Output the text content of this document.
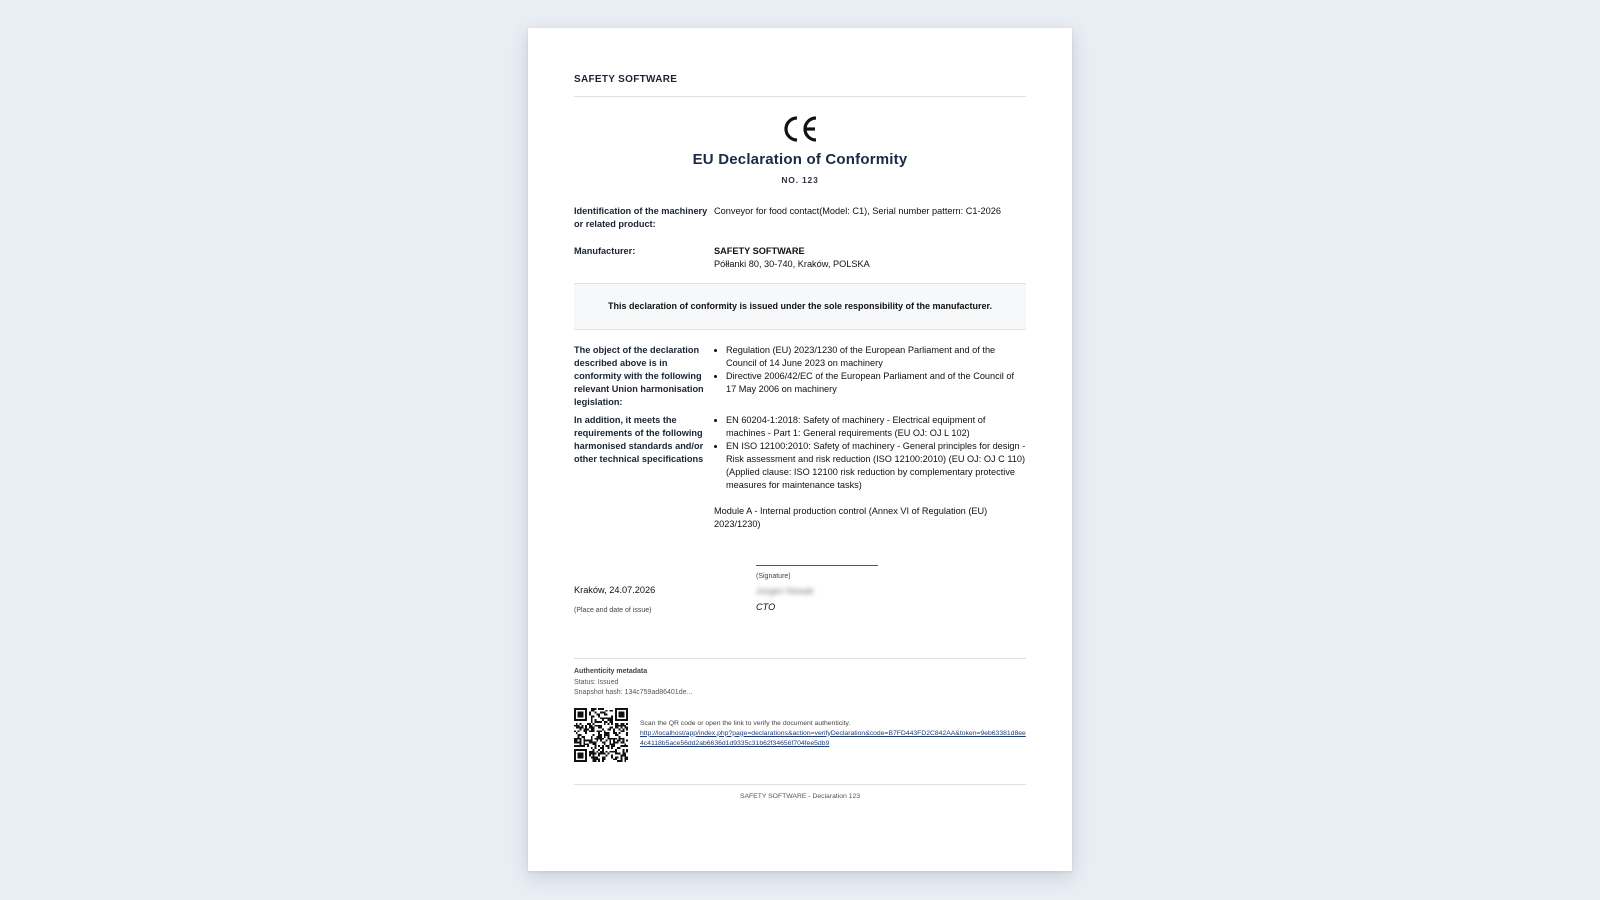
SAFETY SOFTWARE
EU Declaration of Conformity
NO. 123
Identification of the machinery or related product:
Conveyor for food contact(Model: C1), Serial number pattern: C1-2026
Manufacturer:	SAFETY SOFTWARE
Półłanki 80, 30-740, Kraków, POLSKA
This declaration of conformity is issued under the sole responsibility of the manufacturer.
The object of the declaration described above is in conformity with the following relevant Union harmonisation legislation:
• Regulation (EU) 2023/1230 of the European Parliament and of the Council of 14 June 2023 on machinery
• Directive 2006/42/EC of the European Parliament and of the Council of 17 May 2006 on machinery
In addition, it meets the requirements of the following harmonised standards and/or other technical specifications
• EN 60204-1:2018: Safety of machinery - Electrical equipment of machines - Part 1: General requirements (EU OJ: OJ L 102)
• EN ISO 12100:2010: Safety of machinery - General principles for design - Risk assessment and risk reduction (ISO 12100:2010) (EU OJ: OJ C 110) (Applied clause: ISO 12100 risk reduction by complementary protective measures for maintenance tasks)
Module A - Internal production control (Annex VI of Regulation (EU) 2023/1230)
(Signature)
Jurgen Nowak
CTO
Kraków, 24.07.2026
(Place and date of issue)
Authenticity metadata
Status: Issued
Snapshot hash: 134c759ad86401de...
Scan the QR code or open the link to verify the document authenticity.
http://localhost/app/index.php?page=declarations&action=verifyDeclaration&code=B7FD443FD2C842AA&token=9eb63381d8ee4c4118b5ace56dd2ab6636d1d9335c31b62f34656f704fee5db9
SAFETY SOFTWARE - Declaration 123
